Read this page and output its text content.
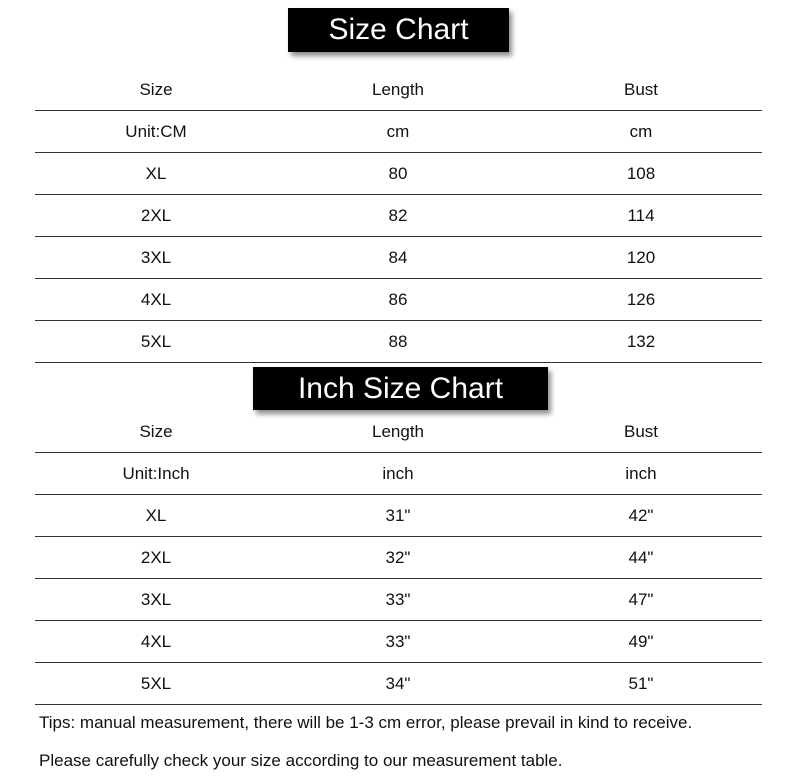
Size Chart
Size	Length	Bust
Unit:CM	cm	cm
XL	80	108
2XL	82	114
3XL	84	120
4XL	86	126
5XL	88	132
Inch Size Chart
Size	Length	Bust
Unit:Inch	inch	inch
XL	31"	42"
2XL	32"	44"
3XL	33"	47"
4XL	33"	49"
5XL	34"	51"
Tips: manual measurement, there will be 1-3 cm error, please prevail in kind to receive.
Please carefully check your size according to our measurement table.
